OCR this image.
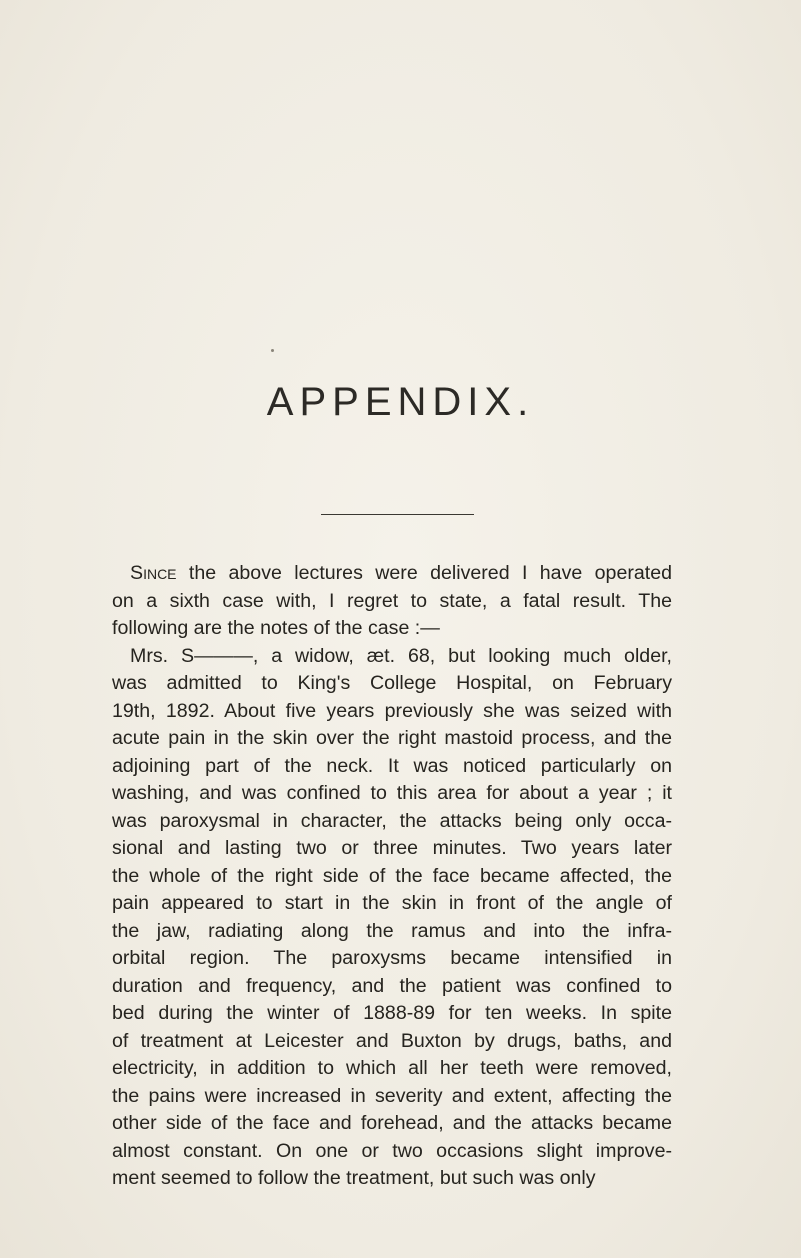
APPENDIX.
Since the above lectures were delivered I have operated
on a sixth case with, I regret to state, a fatal result. The
following are the notes of the case :—
Mrs. S———, a widow, æt. 68, but looking much older,
was admitted to King's College Hospital, on February
19th, 1892. About five years previously she was seized with
acute pain in the skin over the right mastoid process, and the
adjoining part of the neck. It was noticed particularly on
washing, and was confined to this area for about a year ; it
was paroxysmal in character, the attacks being only occa-
sional and lasting two or three minutes. Two years later
the whole of the right side of the face became affected, the
pain appeared to start in the skin in front of the angle of
the jaw, radiating along the ramus and into the infra-
orbital region. The paroxysms became intensified in
duration and frequency, and the patient was confined to
bed during the winter of 1888-89 for ten weeks. In spite
of treatment at Leicester and Buxton by drugs, baths, and
electricity, in addition to which all her teeth were removed,
the pains were increased in severity and extent, affecting the
other side of the face and forehead, and the attacks became
almost constant. On one or two occasions slight improve-
ment seemed to follow the treatment, but such was only
